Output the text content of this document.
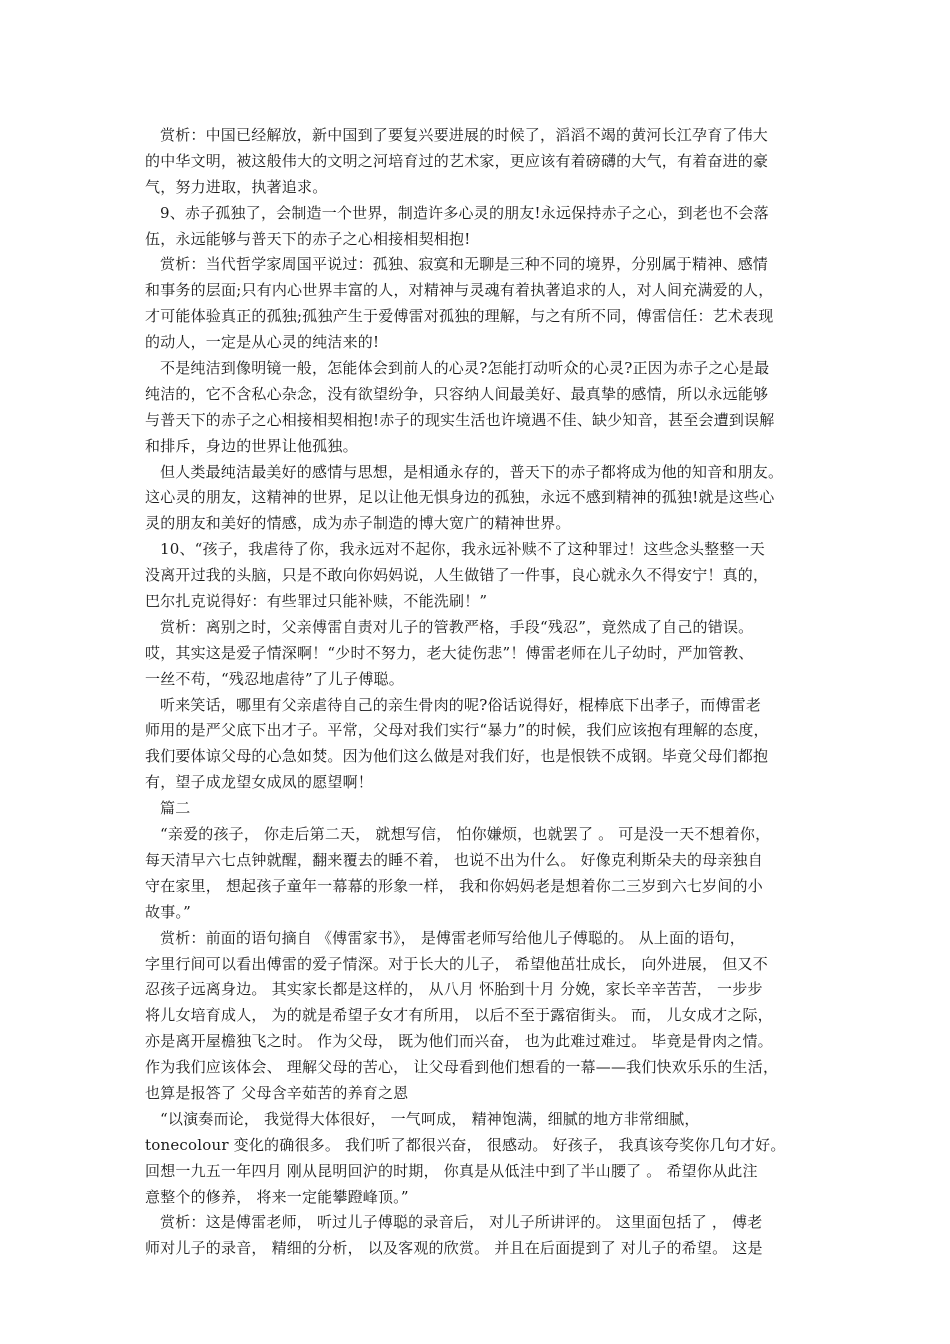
赏析：中国已经解放，新中国到了要复兴要进展的时候了，滔滔不竭的黄河长江孕育了伟大
的中华文明，被这般伟大的文明之河培育过的艺术家，更应该有着磅礴的大气，有着奋进的豪
气，努力进取，执著追求。
9、赤子孤独了，会制造一个世界，制造许多心灵的朋友!永远保持赤子之心，到老也不会落
伍，永远能够与普天下的赤子之心相接相契相抱!
赏析：当代哲学家周国平说过：孤独、寂寞和无聊是三种不同的境界，分别属于精神、感情
和事务的层面;只有内心世界丰富的人，对精神与灵魂有着执著追求的人，对人间充满爱的人，
才可能体验真正的孤独;孤独产生于爱傅雷对孤独的理解，与之有所不同，傅雷信任：艺术表现
的动人，一定是从心灵的纯洁来的!
不是纯洁到像明镜一般，怎能体会到前人的心灵?怎能打动听众的心灵?正因为赤子之心是最
纯洁的，它不含私心杂念，没有欲望纷争，只容纳人间最美好、最真挚的感情，所以永远能够
与普天下的赤子之心相接相契相抱!赤子的现实生活也许境遇不佳、缺少知音，甚至会遭到误解
和排斥，身边的世界让他孤独。
但人类最纯洁最美好的感情与思想，是相通永存的，普天下的赤子都将成为他的知音和朋友。
这心灵的朋友，这精神的世界，足以让他无惧身边的孤独，永远不感到精神的孤独!就是这些心
灵的朋友和美好的情感，成为赤子制造的博大宽广的精神世界。
10、“孩子，我虐待了你，我永远对不起你，我永远补赎不了这种罪过！这些念头整整一天
没离开过我的头脑，只是不敢向你妈妈说，人生做错了一件事，良心就永久不得安宁！真的，
巴尔扎克说得好：有些罪过只能补赎，不能洗刷！”
赏析：离别之时，父亲傅雷自责对儿子的管教严格，手段“残忍”，竟然成了自己的错误。
哎，其实这是爱子情深啊！“少时不努力，老大徒伤悲”！傅雷老师在儿子幼时，严加管教、
一丝不苟，“残忍地虐待”了儿子傅聪。
听来笑话，哪里有父亲虐待自己的亲生骨肉的呢?俗话说得好，棍棒底下出孝子，而傅雷老
师用的是严父底下出才子。平常，父母对我们实行“暴力”的时候，我们应该抱有理解的态度，
我们要体谅父母的心急如焚。因为他们这么做是对我们好，也是恨铁不成钢。毕竟父母们都抱
有，望子成龙望女成凤的愿望啊！
篇二
“亲爱的孩子， 你走后第二天， 就想写信， 怕你嫌烦，也就罢了 。 可是没一天不想着你，
每天清早六七点钟就醒，翻来覆去的睡不着， 也说不出为什么。 好像克利斯朵夫的母亲独自
守在家里， 想起孩子童年一幕幕的形象一样， 我和你妈妈老是想着你二三岁到六七岁间的小
故事。”
赏析：前面的语句摘自 《傅雷家书》， 是傅雷老师写给他儿子傅聪的。 从上面的语句，
字里行间可以看出傅雷的爱子情深。对于长大的儿子， 希望他茁壮成长， 向外进展， 但又不
忍孩子远离身边。 其实家长都是这样的， 从八月 怀胎到十月 分娩，家长辛辛苦苦， 一步步
将儿女培育成人， 为的就是希望子女才有所用， 以后不至于露宿街头。 而， 儿女成才之际，
亦是离开屋檐独飞之时。 作为父母， 既为他们而兴奋， 也为此难过难过。 毕竟是骨肉之情。
作为我们应该体会、 理解父母的苦心， 让父母看到他们想看的一幕——我们快欢乐乐的生活，
也算是报答了 父母含辛茹苦的养育之恩
“以演奏而论， 我觉得大体很好， 一气呵成， 精神饱满，细腻的地方非常细腻，
tonecolour 变化的确很多。 我们听了都很兴奋， 很感动。 好孩子， 我真该夸奖你几句才好。
回想一九五一年四月 刚从昆明回沪的时期， 你真是从低洼中到了半山腰了 。 希望你从此注
意整个的修养， 将来一定能攀蹬峰顶。”
赏析：这是傅雷老师， 听过儿子傅聪的录音后， 对儿子所讲评的。 这里面包括了 ， 傅老
师对儿子的录音， 精细的分析， 以及客观的欣赏。 并且在后面提到了 对儿子的希望。 这是
